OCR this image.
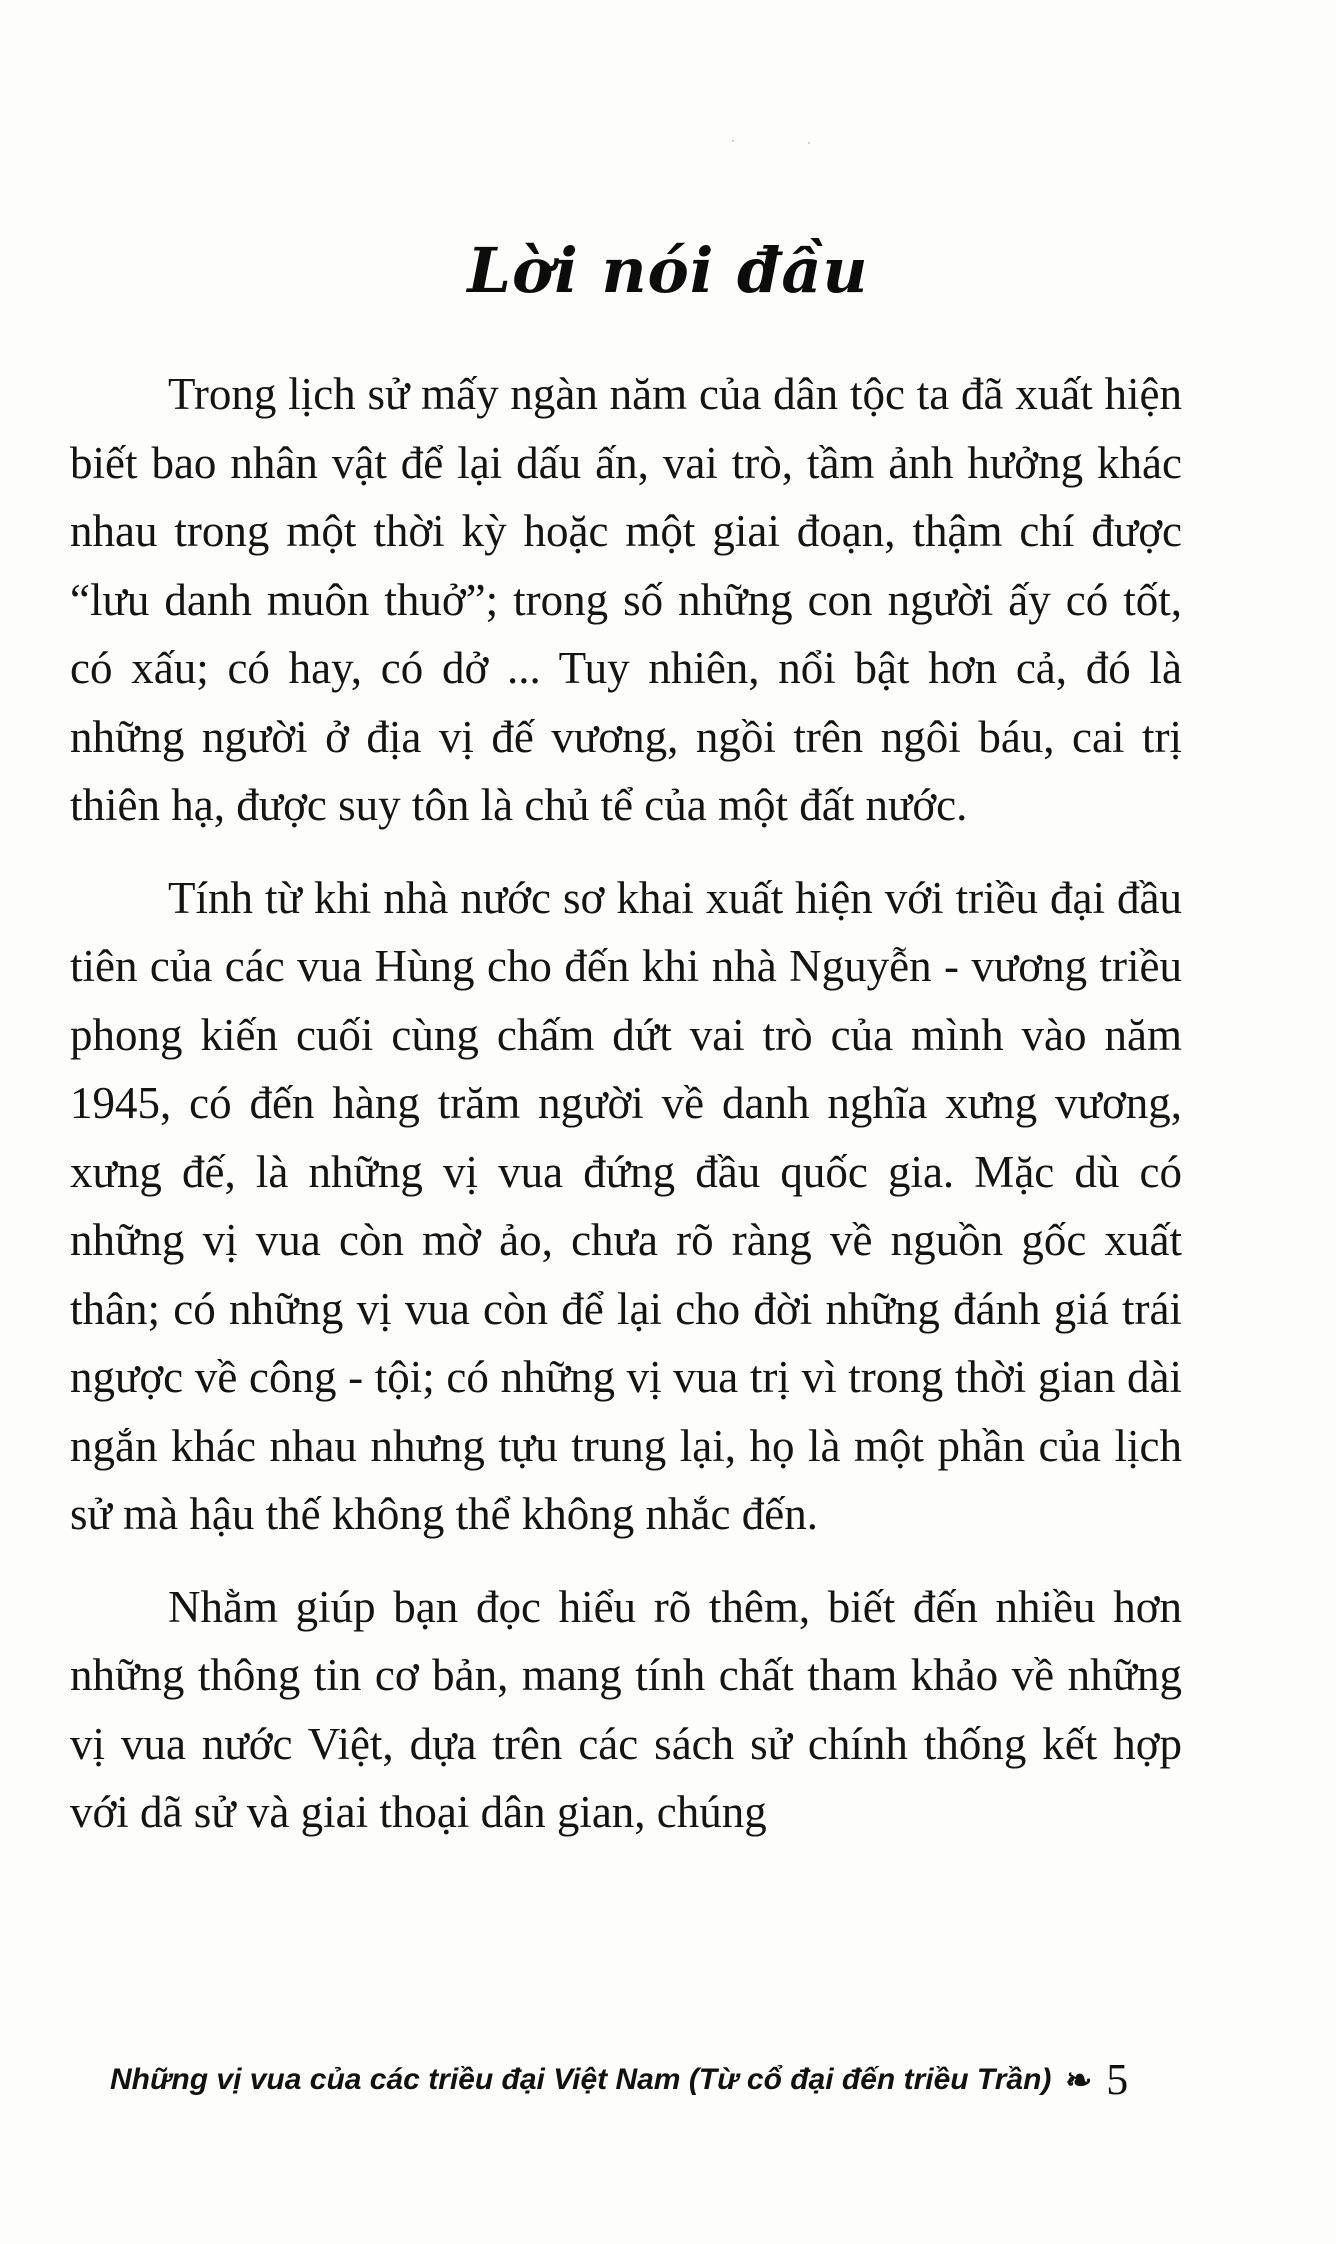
Lời nói đầu

Trong lịch sử mấy ngàn năm của dân tộc ta đã xuất hiện biết bao nhân vật để lại dấu ấn, vai trò, tầm ảnh hưởng khác nhau trong một thời kỳ hoặc một giai đoạn, thậm chí được “lưu danh muôn thuở”; trong số những con người ấy có tốt, có xấu; có hay, có dở ... Tuy nhiên, nổi bật hơn cả, đó là những người ở địa vị đế vương, ngồi trên ngôi báu, cai trị thiên hạ, được suy tôn là chủ tể của một đất nước.

Tính từ khi nhà nước sơ khai xuất hiện với triều đại đầu tiên của các vua Hùng cho đến khi nhà Nguyễn - vương triều phong kiến cuối cùng chấm dứt vai trò của mình vào năm 1945, có đến hàng trăm người về danh nghĩa xưng vương, xưng đế, là những vị vua đứng đầu quốc gia. Mặc dù có những vị vua còn mờ ảo, chưa rõ ràng về nguồn gốc xuất thân; có những vị vua còn để lại cho đời những đánh giá trái ngược về công - tội; có những vị vua trị vì trong thời gian dài ngắn khác nhau nhưng tựu trung lại, họ là một phần của lịch sử mà hậu thế không thể không nhắc đến.

Nhằm giúp bạn đọc hiểu rõ thêm, biết đến nhiều hơn những thông tin cơ bản, mang tính chất tham khảo về những vị vua nước Việt, dựa trên các sách sử chính thống kết hợp với dã sử và giai thoại dân gian, chúng

Những vị vua của các triều đại Việt Nam (Từ cổ đại đến triều Trần) ❧ 5
